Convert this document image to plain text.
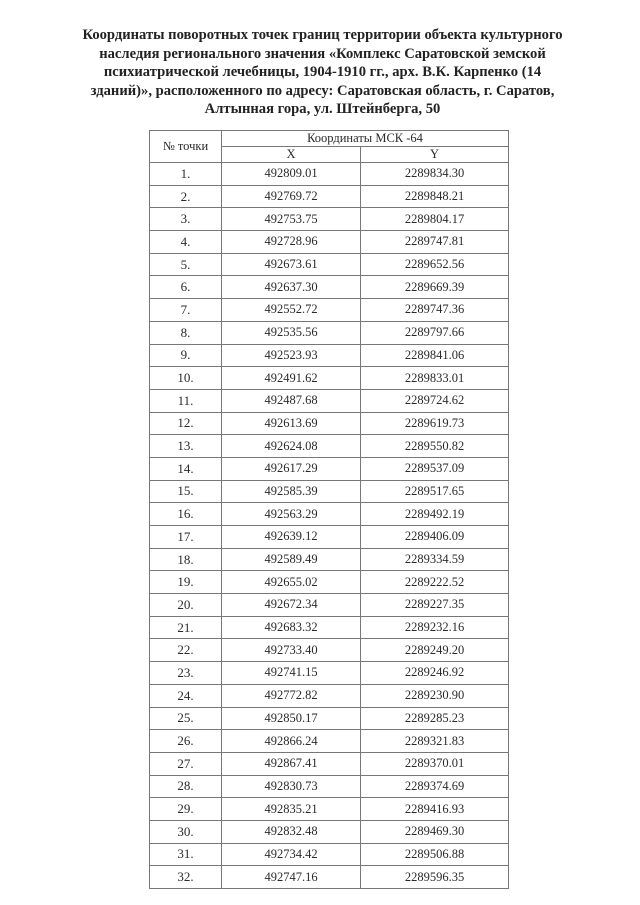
Координаты поворотных точек границ территории объекта культурного
наследия регионального значения «Комплекс Саратовской земской
психиатрической лечебницы, 1904-1910 гг., арх. В.К. Карпенко (14
зданий)», расположенного по адресу: Саратовская область, г. Саратов,
Алтынная гора, ул. Штейнберга, 50
№ точки	Координаты МСК -64	
	X	Y
1.	492809.01	2289834.30
2.	492769.72	2289848.21
3.	492753.75	2289804.17
4.	492728.96	2289747.81
5.	492673.61	2289652.56
6.	492637.30	2289669.39
7.	492552.72	2289747.36
8.	492535.56	2289797.66
9.	492523.93	2289841.06
10.	492491.62	2289833.01
11.	492487.68	2289724.62
12.	492613.69	2289619.73
13.	492624.08	2289550.82
14.	492617.29	2289537.09
15.	492585.39	2289517.65
16.	492563.29	2289492.19
17.	492639.12	2289406.09
18.	492589.49	2289334.59
19.	492655.02	2289222.52
20.	492672.34	2289227.35
21.	492683.32	2289232.16
22.	492733.40	2289249.20
23.	492741.15	2289246.92
24.	492772.82	2289230.90
25.	492850.17	2289285.23
26.	492866.24	2289321.83
27.	492867.41	2289370.01
28.	492830.73	2289374.69
29.	492835.21	2289416.93
30.	492832.48	2289469.30
31.	492734.42	2289506.88
32.	492747.16	2289596.35
